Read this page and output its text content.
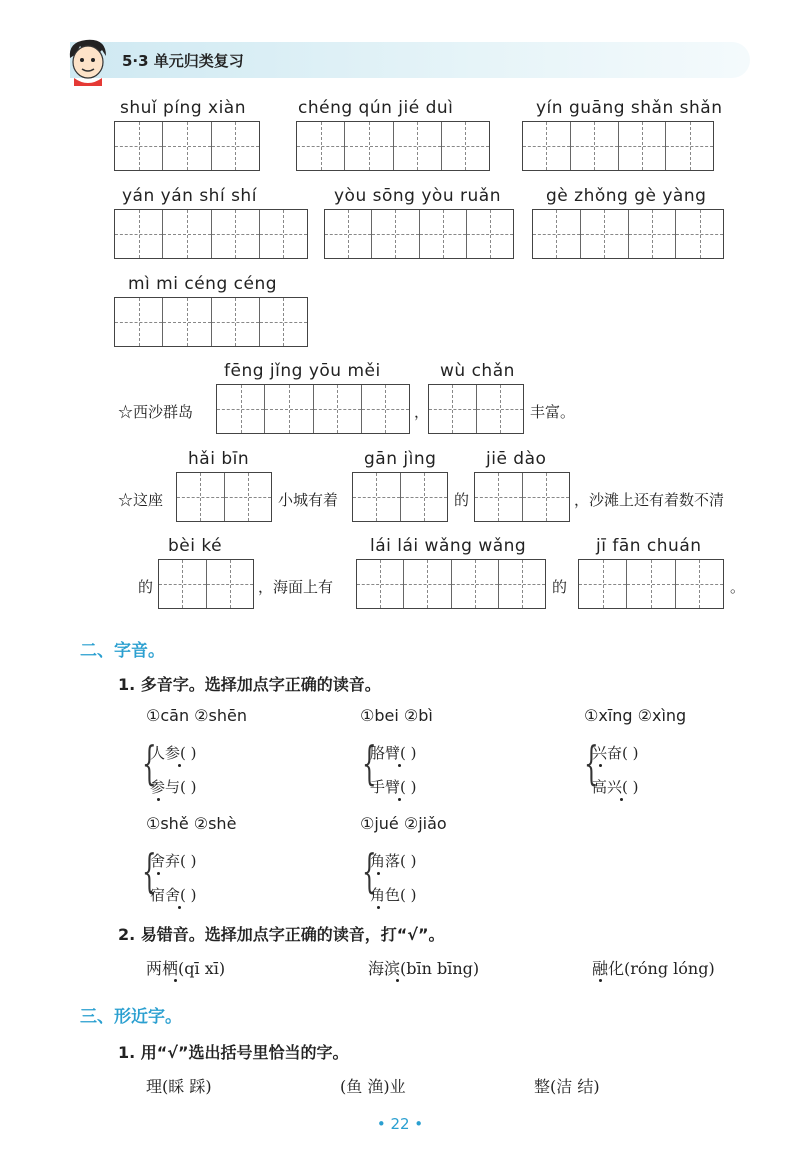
5·3 单元归类复习
shuǐ píng xiàn	chéng qún jié duì	yín guāng shǎn shǎn
yán yán shí shí	yòu sōng yòu ruǎn	gè zhǒng gè yàng
mì mi céng céng
fēng jǐng yōu měi	wù chǎn
☆西沙群岛	，	丰富。
hǎi bīn	gān jìng	jiē dào
☆这座	小城有着	的	，沙滩上还有着数不清
bèi ké	lái lái wǎng wǎng	jī fān chuán
的	，海面上有	的	。
二、字音。
1. 多音字。选择加点字正确的读音。
①cān ②shēn
{
人参( )
参与( )
①bei ②bì
{
胳臂( )
手臂( )
①xīng ②xìng
{
兴奋( )
高兴( )
①shě ②shè
{
舍弃( )
宿舍( )
①jué ②jiǎo
{
角落( )
角色( )
2. 易错音。选择加点字正确的读音，打“√”。
两栖(qī xī)	海滨(bīn bīng)	融化(róng lóng)
三、形近字。
1. 用“√”选出括号里恰当的字。
理(睬 踩)	(鱼 渔)业	整(洁 结)
• 22 •
